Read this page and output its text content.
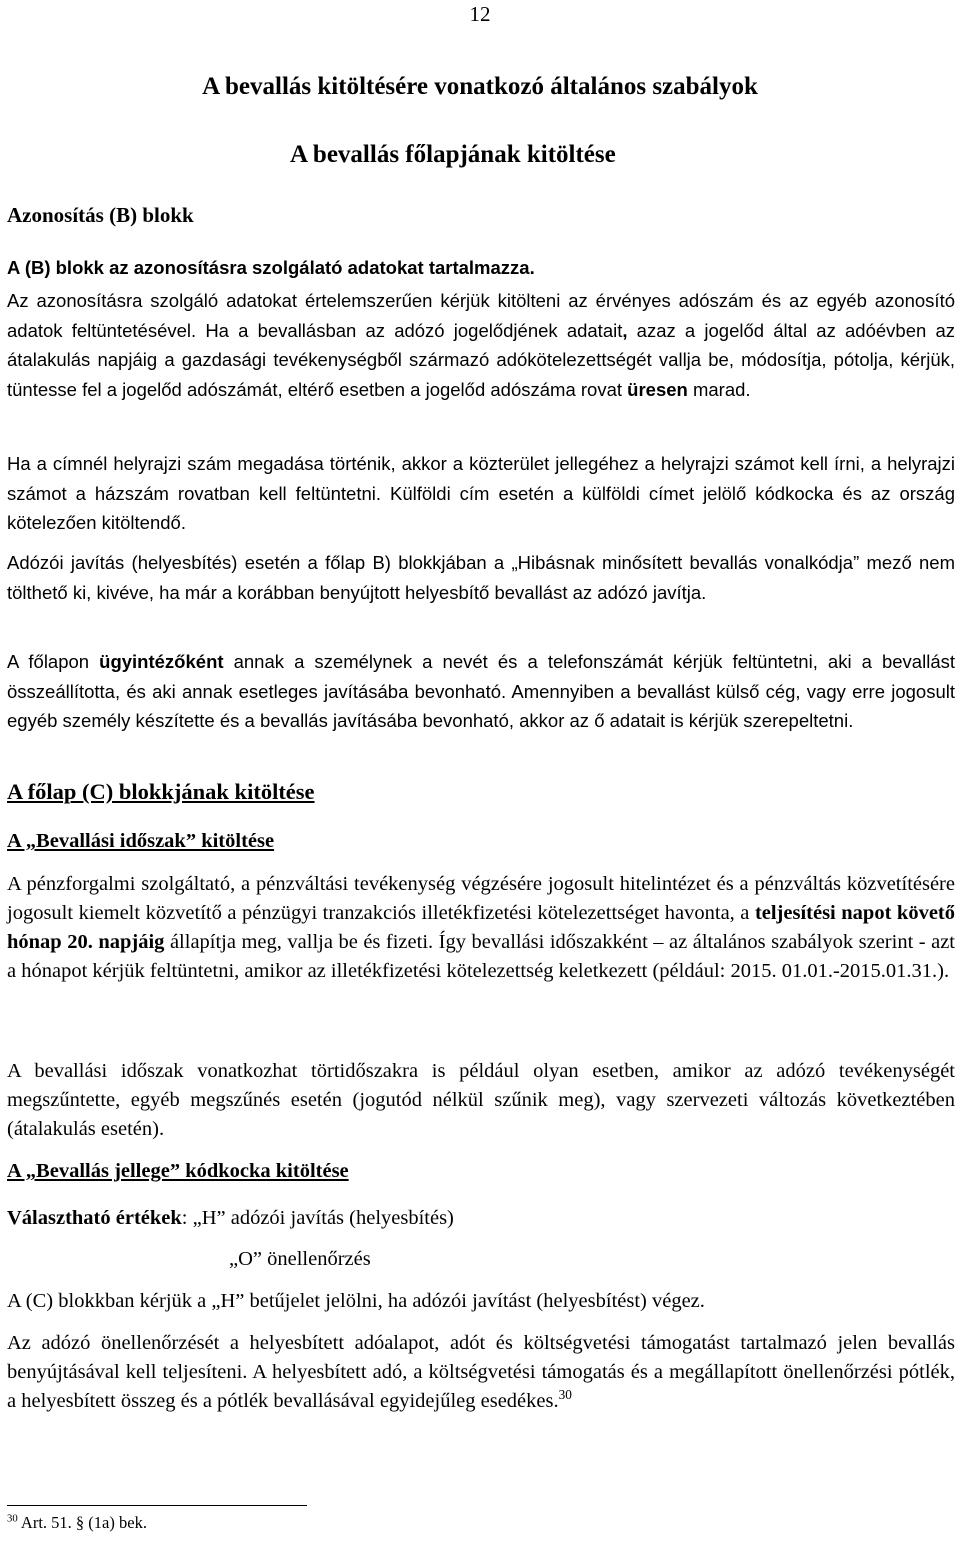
12
A bevallás kitöltésére vonatkozó általános szabályok
A bevallás főlapjának kitöltése
Azonosítás (B) blokk
A (B) blokk az azonosításra szolgálató adatokat tartalmazza.

Az azonosításra szolgáló adatokat értelemszerűen kérjük kitölteni az érvényes adószám és az egyéb azonosító adatok feltüntetésével. Ha a bevallásban az adózó jogelődjének adatait, azaz a jogelőd által az adóévben az átalakulás napjáig a gazdasági tevékenységből származó adókötelezettségét vallja be, módosítja, pótolja, kérjük, tüntesse fel a jogelőd adószámát, eltérő esetben a jogelőd adószáma rovat üresen marad.

Ha a címnél helyrajzi szám megadása történik, akkor a közterület jellegéhez a helyrajzi számot kell írni, a helyrajzi számot a házszám rovatban kell feltüntetni. Külföldi cím esetén a külföldi címet jelölő kódkocka és az ország kötelezően kitöltendő.

Adózói javítás (helyesbítés) esetén a főlap B) blokkjában a „Hibásnak minősített bevallás vonalkódja” mező nem tölthető ki, kivéve, ha már a korábban benyújtott helyesbítő bevallást az adózó javítja.

A főlapon ügyintézőként annak a személynek a nevét és a telefonszámát kérjük feltüntetni, aki a bevallást összeállította, és aki annak esetleges javításába bevonható. Amennyiben a bevallást külső cég, vagy erre jogosult egyéb személy készítette és a bevallás javításába bevonható, akkor az ő adatait is kérjük szerepeltetni.

A főlap (C) blokkjának kitöltése
A „Bevallási időszak” kitöltése

A pénzforgalmi szolgáltató, a pénzváltási tevékenység végzésére jogosult hitelintézet és a pénzváltás közvetítésére jogosult kiemelt közvetítő a pénzügyi tranzakciós illetékfizetési kötelezettséget havonta, a teljesítési napot követő hónap 20. napjáig állapítja meg, vallja be és fizeti. Így bevallási időszakként – az általános szabályok szerint - azt a hónapot kérjük feltüntetni, amikor az illetékfizetési kötelezettség keletkezett (például: 2015. 01.01.-2015.01.31.).

A bevallási időszak vonatkozhat törtidőszakra is például olyan esetben, amikor az adózó tevékenységét megszűntette, egyéb megszűnés esetén (jogutód nélkül szűnik meg), vagy szervezeti változás következtében (átalakulás esetén).

A „Bevallás jellege” kódkocka kitöltése
Választható értékek: „H” adózói javítás (helyesbítés)
„O” önellenőrzés

A (C) blokkban kérjük a „H” betűjelet jelölni, ha adózói javítást (helyesbítést) végez.

Az adózó önellenőrzését a helyesbített adóalapot, adót és költségvetési támogatást tartalmazó jelen bevallás benyújtásával kell teljesíteni. A helyesbített adó, a költségvetési támogatás és a megállapított önellenőrzési pótlék, a helyesbített összeg és a pótlék bevallásával egyidejűleg esedékes.$^{30}$

$^{30}$ Art. 51. § (1a) bek.
